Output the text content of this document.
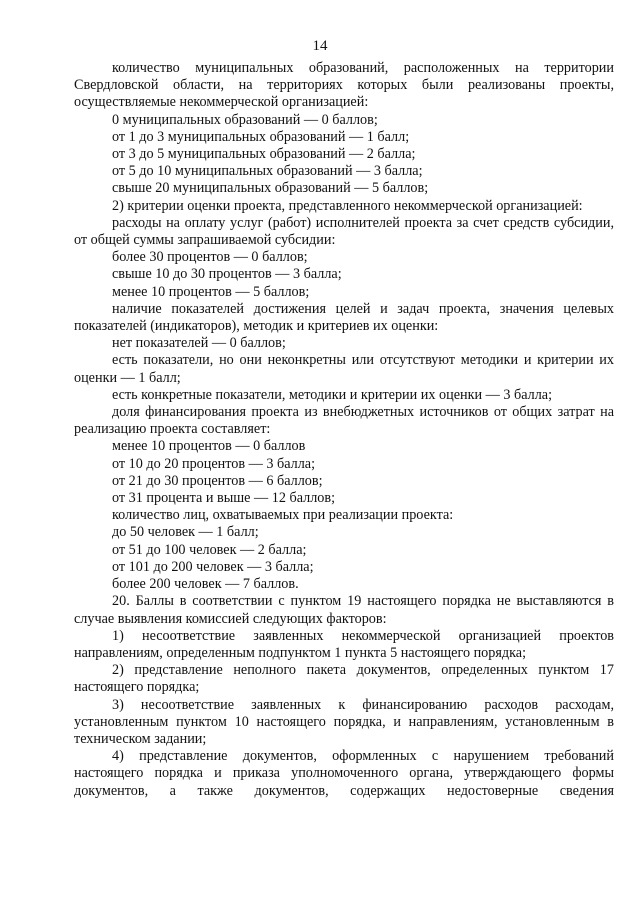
14

количество муниципальных образований, расположенных на территории Свердловской области, на территориях которых были реализованы проекты, осуществляемые некоммерческой организацией:

0 муниципальных образований — 0 баллов;

от 1 до 3 муниципальных образований — 1 балл;

от 3 до 5 муниципальных образований — 2 балла;

от 5 до 10 муниципальных образований — 3 балла;

свыше 20 муниципальных образований — 5 баллов;

2) критерии оценки проекта, представленного некоммерческой организацией:

расходы на оплату услуг (работ) исполнителей проекта за счет средств субсидии, от общей суммы запрашиваемой субсидии:

более 30 процентов — 0 баллов;

свыше 10 до 30 процентов — 3 балла;

менее 10 процентов — 5 баллов;

наличие показателей достижения целей и задач проекта, значения целевых показателей (индикаторов), методик и критериев их оценки:

нет показателей — 0 баллов;

есть показатели, но они неконкретны или отсутствуют методики и критерии их оценки — 1 балл;

есть конкретные показатели, методики и критерии их оценки — 3 балла;

доля финансирования проекта из внебюджетных источников от общих затрат на реализацию проекта составляет:

менее 10 процентов — 0 баллов

от 10 до 20 процентов — 3 балла;

от 21 до 30 процентов — 6 баллов;

от 31 процента и выше — 12 баллов;

количество лиц, охватываемых при реализации проекта:

до 50 человек — 1 балл;

от 51 до 100 человек — 2 балла;

от 101 до 200 человек — 3 балла;

более 200 человек — 7 баллов.

20. Баллы в соответствии с пунктом 19 настоящего порядка не выставляются в случае выявления комиссией следующих факторов:

1) несоответствие заявленных некоммерческой организацией проектов направлениям, определенным подпунктом 1 пункта 5 настоящего порядка;

2) представление неполного пакета документов, определенных пунктом 17 настоящего порядка;

3) несоответствие заявленных к финансированию расходов расходам, установленным пунктом 10 настоящего порядка, и направлениям, установленным в техническом задании;

4) представление документов, оформленных с нарушением требований настоящего порядка и приказа уполномоченного органа, утверждающего формы документов, а также документов, содержащих недостоверные сведения
